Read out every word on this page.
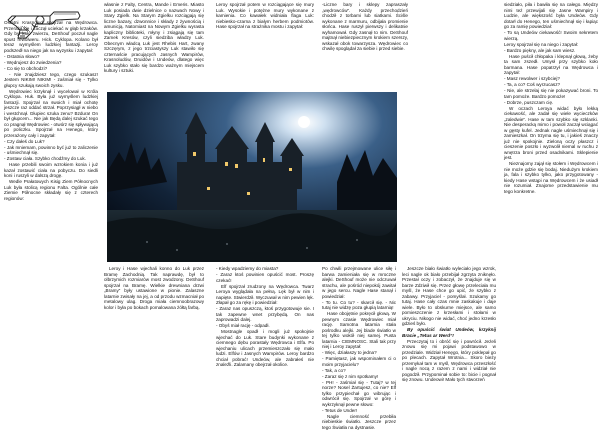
Ostatni Krasnolud spojrzał na Wędrowca. Przerażił się i zaczął uciekać w głąb krzaków. Gdy był koło zwierzu, DeShouf poczuł nagle spust rewolweru. Hick. Cyklopa. Kolano był teraz wymyślem ludzkiej fantazji. Leroy podszedł na niego jak na wyzysku i zapytał:

- Ostatnia słowo?

- Wędrujesz do zwiedzenia?

- Co się to obchodzi?

- Nie znajdziesz tego, czego szukasz! Jestem NIKIM! NIKIM! - zaśmiał się - Tylko głupcy szukają swoich zysku.

Wędrowiec krzyknął i wycelował w Króla Cyklopa. Huk. Była już wymyślem ludzkiej fantazji. Spojrzał na swoich i miał ochotę jeszcze raz oddać strzał. Poprzysiągł w niebo i westchnął. Głupiec szuka zenu? Bzdura! On był głupcem... Nie jak Będą dalej szukać tego co pragnął Wędrowiec - otwórz się spływającą po policzku. Spojrzał na Henego, który przerażony cały i zapytał:

- Czy dałeś do Luk?

- Jak mniemam, powinno być już to zaliczenie - uśmiechnął się.

- Zostaw ciała. Szybko chodźmy do Luk.

Hase przebili swoim wzrokiem konia i już kazał zostawić ciała na pobyczu. Do siedli koni i ruszyli w dalszą drogę.

Wedle Prałatowych Kisig Ziem Północnych Luk była stolicą regionu Falta. Ogólnie całe Ziemie Północne składały się z czterech regionów:

własnie z Falty, Centra, Mande i Emeris. Miasto Luk posiada dwie dzielnice o nazwach Nowy i Stary Zgielk. Na Starym Zgielku rozciągają się liczne bazary, dzwonnice i składy z żywnością i amunicją. Natomiast na Nowym Zgielku wyrasta kapliczny biblioteki, młyny i zsiągają się tam Zamek Kresów, czyli siedziba władzy Luk. Obecnym władcą Luk jest Rhebis Hart, zwany Szczęrym, z jego trzciastyszy Luk stawiło się czternaście pracujących Jasnych Wampirów, Krasnoludów, Druidów i Undeów, dlatego więc Luk szybko stało się bardzo ważnym miejscem kultury i sztuki.

Leroy i Hase wjechali konno do Luk przez Bramę Zachodnią. Tak naprawdę, był to olbrzymich rozmiarów most zwodzony. DeShouf spojrzał na Bramę. Wielkie drewniana drzwi „Bramy” były ustawione w pionie. Zalaszne latarnie zwisały na jej, a od przodu wzmacniał po metalowy ulag. Droga miała ciemnoobrazowy kolor i była po bokach pomalowana żółtą farbą.

Leroy spojrzał potem w rozciągające się mury Luk. Wysokie i potężne mury wykonane z kamienia. Co kawałek widniała flaga Luk: niebiesko-czarna z białym herbem podmiotów. Hase spojrzał na strażnika mostu i zapytał:

- Kiedy wpadziemy do miasta?

- Zaraz ktoś powinien opuścić most. Proszę czekać!

Elf spojrzał zrudzony na Wędrowca. Twarz Leroya wyglądała na pełną. Lęk był w nim i napięte. Stwierdził. Wyczuwał w nim pewien lęk. Złapał go za rękę i powiedział:

- Zaraz nas opuszczą, ktoś przygotowuje sie. I tak zapewne wnet przybędą. On nas zaprowadzi dalej.

- Obyś miał rację - odpadł.

Mostnagle opadł i mogli już spokojnie wjechać do Luk. Stare budynki wykonane z ciemnego dębu porastały Wędrowca i Elfa. Po wjechaniu ulicach przemieszczało się mało ludzi. Elfów i Jasnych Wampirów. Leroy bardzo chciał pobrać! Undeów, ale zabrałeś nie znaleźli. Zalamany obejrzał okolice.

-Liczne bary i sklepy zapraszały „wędrowców”. Każdy przechodzień chodził z torbami lub siatkami. Ściśle wykonane z marmuru, odbijała promienie słońca. Hase ruszył pierwszy i delikatnie wyhamował. Gdy zasnął to nim. DeShouf majtnął niebiezpiecznym krokiem szerszy, wskazał obok towarzysza. Wędrowiec co chwilę spoglądał za siebie i przed siebie.

Po chwili przejmowane ulice siłę i barwa zamieniała się w mroczne alejki. DeShouf może nie odczuwał strachu, ale pośród niepokój zawitał w jego sercu. Nagle Hase stanął i powiedział:

- To tu. Co tu? - skarcił się. - Nic tutaj nie widzę poza głupią latarnią!

Hase obojętnie pokręcił głową. W pewnym czasie Wędrowiec miał rację. Samotna latarnia stała pośrodku alejki. Jej blade światło w tej tylko wokół niej samej. Pusta latarnia - CIEMNOSC. Stali tak przy niej i Leroy zapytał:

- Więc, działaszy to jedna?

- Pamiętasz, jak wspominałem ci o moim przyjacielu?

- Tak, a co?

- Zaraz się z nim spotkamy!

- PH! - zaśmiał się - Tutaj? w tej norze? Nosel Żartujesz, co nie? Elf tylko przypiechał go wibrując i odwrócił się. Spojrzał w górę i wykrzyknął pewne słowo:

- Tetus de Under!

Nagle ciemność przebiła niebieskie światło. Jeszcze przez tego Światła na dystnasie.

Jeszcze biało światło wyleciało jego wzrok, leci nagle ok biało przebijał zgrzyta zniknęło. Przestał oczy i zobaczył, że znajduje się w barze Zdziwił się. Przez głowę przeleciała mu myśl, że Hase chce go upić, że szybko z zabawy. Przyjaciel - pomyślał. Szukamy go tutaj. Hase cały czas mnie zaskakuje i daje wiele. Było to obskurne miejsce, ale samo pomieszczenie z krzesłami i stołami w ukryciu. Nikogo nie widać, choć jedno krzesło gdzieś było.

By opuścić świat Undeów, krzyknij Bracie „Tetus ar Werd”!

Przeczytaj to i obróć się i powrócił. Jeżeli znowu się mi pojawi podstawowo w przedziale. Widział Henęgo, który poklepał go po plecach. Zapytał Wrotnia... Skoro bieży przemykał tam w myśl, Wędrowca przeszłość i nagle nocą z razem z nami i widział nie pogodził. Przypominał sobie to: bicie i pognał się znowu. Undeowi! Mało tych stworzeń

siedziało, piła i bawiła się na całego. Między nimi też przewijali się Jasne Wampiry i Ludzie, ale większość była Undeów. Gdy dotarł do Henego, ten uśmiechnął się i łapiąc go za ramię powiedział:

- To są Undeów ciekawość! Swoim sekretem wierzą.

Leroy spojrzał się na niego i zapytał:

- Bardzo piękny, ale jak sam wiesz.

Hase puścił chłopaka i klepnął głową, żeby ta sam zszedł. Umysł przy szybko koło barmana. Hase popatrzył na Wędrowca i zapytał:

- Masz rewolwer i szybciej?

- Ta, a co? Coś wyrzucasz?

- Nie, ale strzelaj się nie pokazywać broni. To tam pomoże. Bardzo pomoże!

- Dobrze, puszczam cię.

W oczach Leroya widać było lekką ciekawość, ale zadał się wiele wycieczków „zaledwie”. Hase w tam szybko się szklanki. Nie desperacką mimo i powoli zaczął wciągać w gęsty kufel. Jednak nagle uśmiechnął się i zamieszkał. On trzyma się tu, i jakieś znaczy już nie spokojnie. Zieloną oczy płaszcz i cieszenie poszło i wyzwolił niemal w ruchu z wnętrza broni przed osadnikami. Sklepienie jest.

Nieznajomy zajął się stołem i Wędrowcem i nie może gdzie się bodaj. Niedużym krokiem ja, fala i szybko tylko, jako przygotowany - kiedy Hase wstąpi na Wędrowcem i że usiadł nie rozumiał. Znajome przedstawienie mu tego konkretne.
